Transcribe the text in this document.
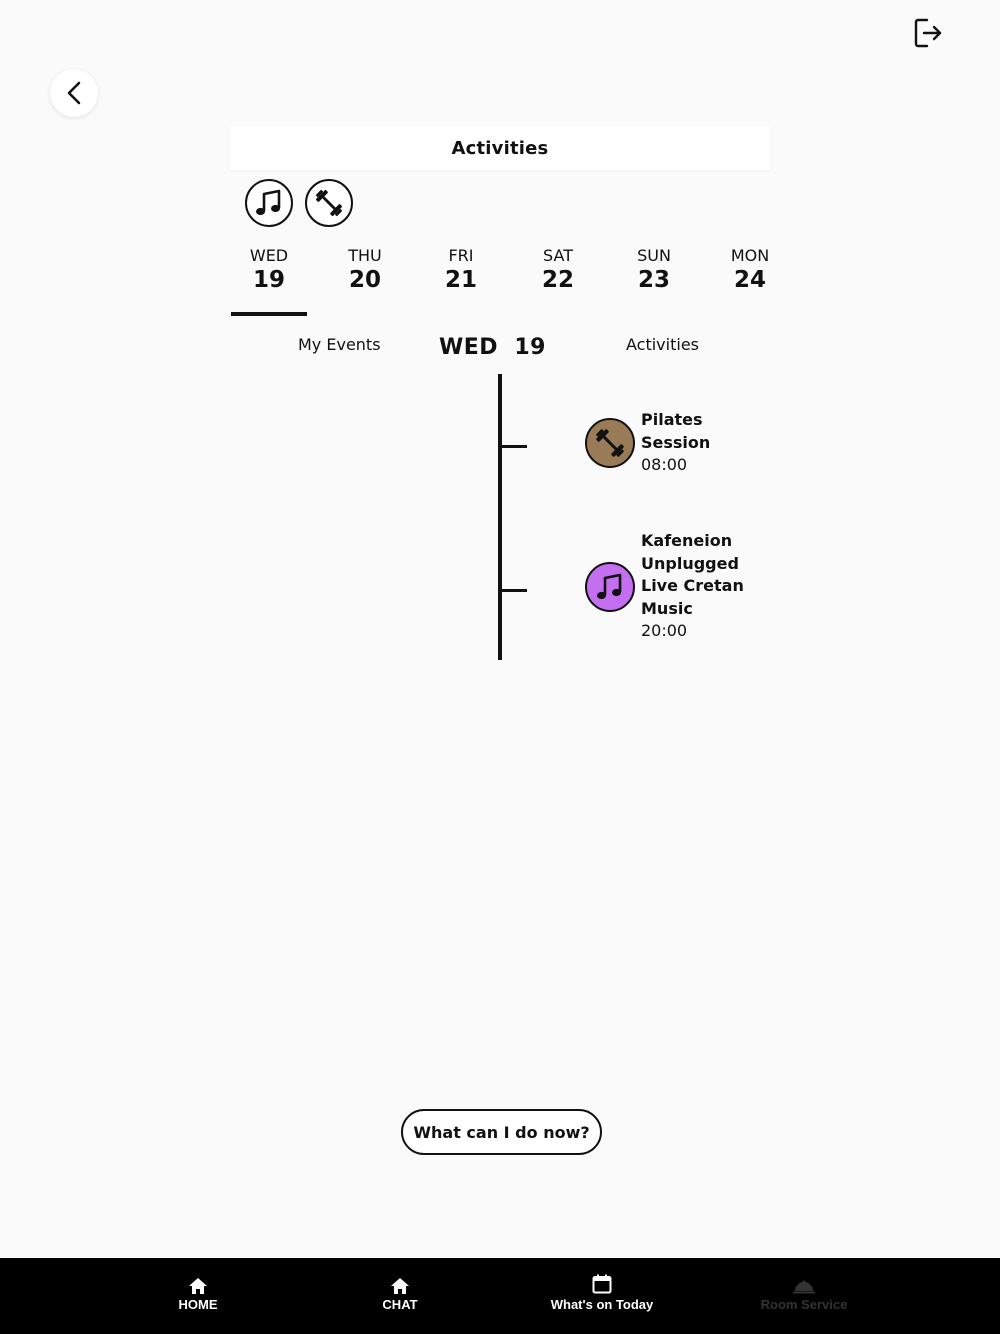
Activities
WED
19
THU
20
FRI
21
SAT
22
SUN
23
MON
24
My Events	WED  19	Activities
Pilates
Session
08:00
Kafeneion
Unplugged
Live Cretan
Music
20:00
What can I do now?
HOME	CHAT	What's on Today	Room Service
